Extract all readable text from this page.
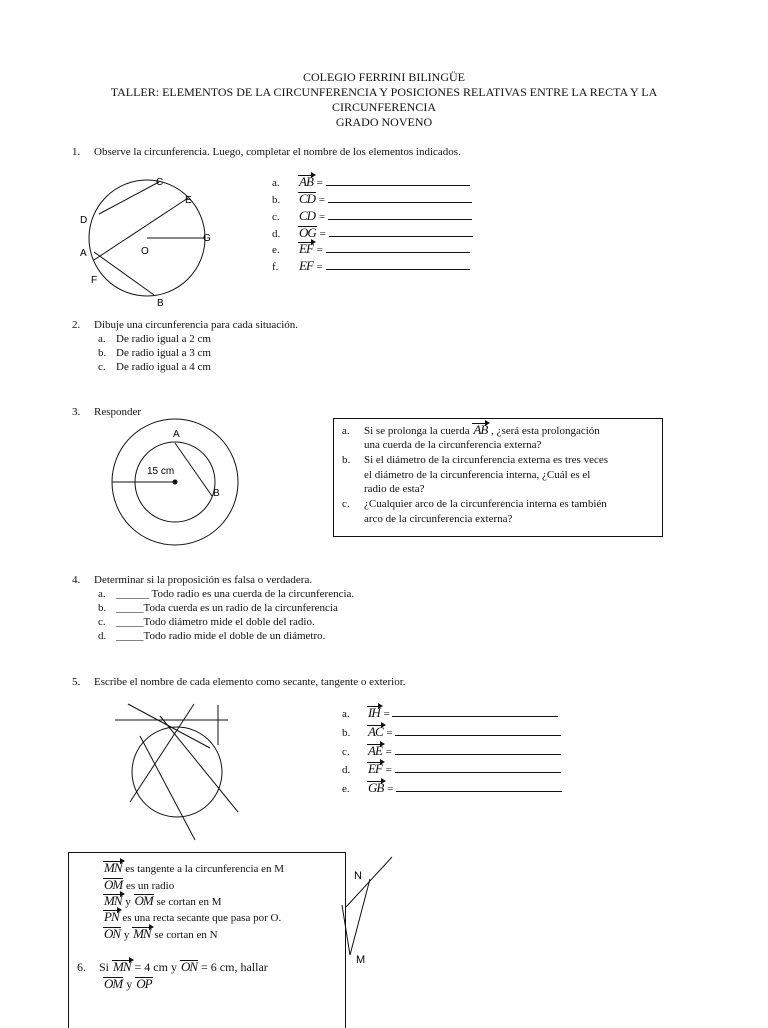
COLEGIO FERRINI BILINGÜE
TALLER: ELEMENTOS DE LA CIRCUNFERENCIA Y POSICIONES RELATIVAS ENTRE LA RECTA Y LA
CIRCUNFERENCIA
GRADO NOVENO
1. Observe la circunferencia. Luego, completar el nombre de los elementos indicados.
C
E
D
G
A	O
F
B
a. AB =
b. CD =
c. CD =
d. OG =
e. EF =
f. EF =
2. Dibuje una circunferencia para cada situación.
a. De radio igual a 2 cm
b. De radio igual a 3 cm
c. De radio igual a 4 cm
3. Responder
A
B
15 cm
a. Si se prolonga la cuerda AB , ¿será esta prolongación
una cuerda de la circunferencia externa?
b. Si el diámetro de la circunferencia externa es tres veces
el diámetro de la circunferencia interna, ¿Cuál es el
radio de esta?
c. ¿Cualquier arco de la circunferencia interna es también
arco de la circunferencia externa?
4. Determinar si la proposición es falsa o verdadera.
a. ______ Todo radio es una cuerda de la circunferencia.
b. _____Toda cuerda es un radio de la circunferencia
c. _____Todo diámetro mide el doble del radio.
d. _____Todo radio mide el doble de un diámetro.
5. Escribe el nombre de cada elemento como secante, tangente o exterior.
a. IH =
b. AC =
c. AE =
d. EF =
e. GB =
MN es tangente a la circunferencia en M
OM es un radio
MN y OM se cortan en M
PN es una recta secante que pasa por O.
ON y MN se cortan en N
6. Si MN = 4 cm y ON = 6 cm, hallar
OM y OP
N
M
